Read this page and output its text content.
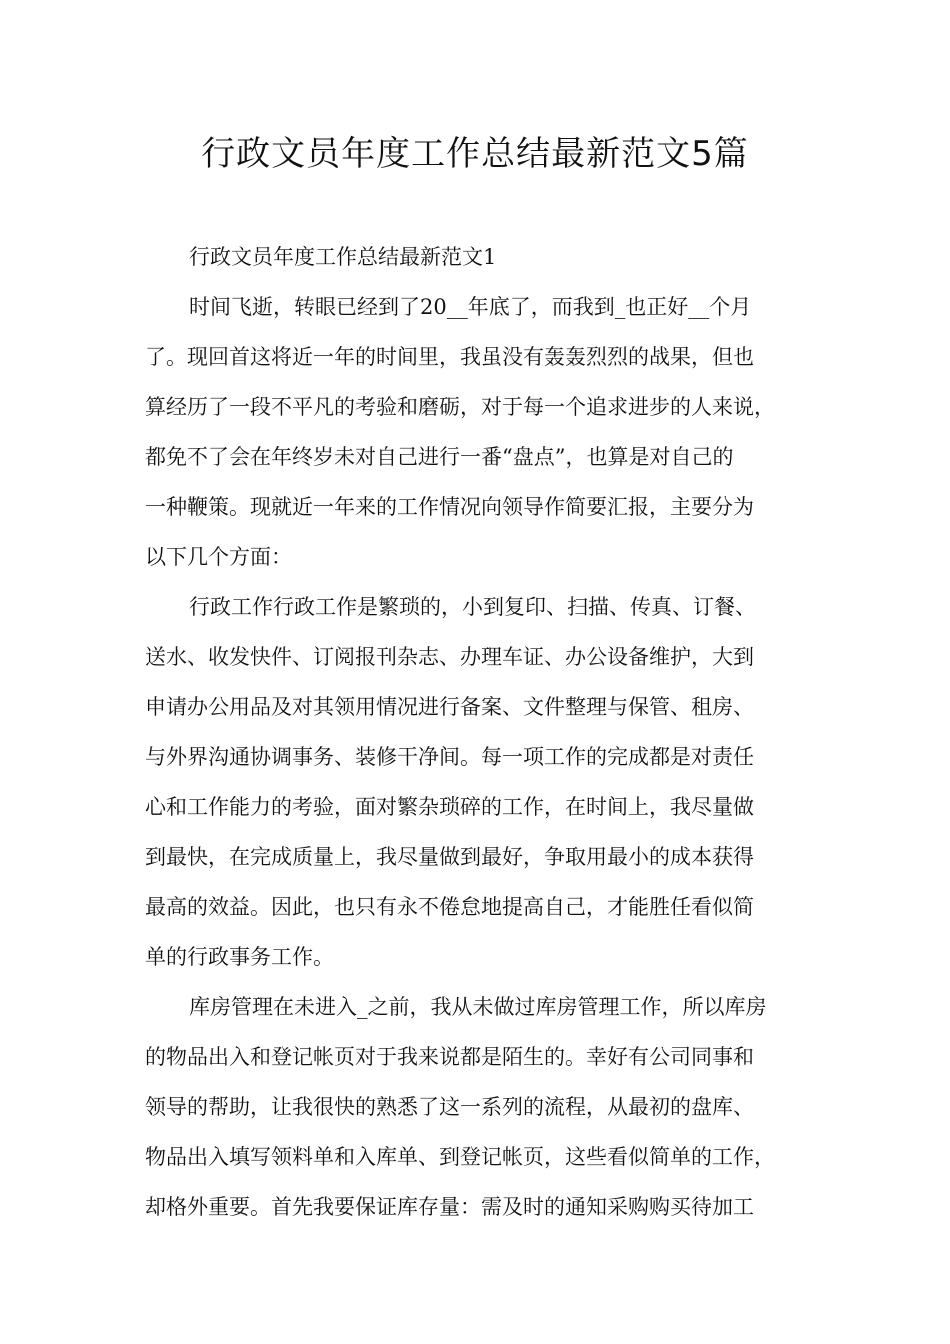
行政文员年度工作总结最新范文5篇
行政文员年度工作总结最新范文1
时间飞逝，转眼已经到了20__年底了，而我到_也正好__个月
了。现回首这将近一年的时间里，我虽没有轰轰烈烈的战果，但也
算经历了一段不平凡的考验和磨砺，对于每一个追求进步的人来说，
都免不了会在年终岁未对自己进行一番“盘点”，也算是对自己的
一种鞭策。现就近一年来的工作情况向领导作简要汇报，主要分为
以下几个方面：
行政工作行政工作是繁琐的，小到复印、扫描、传真、订餐、
送水、收发快件、订阅报刊杂志、办理车证、办公设备维护，大到
申请办公用品及对其领用情况进行备案、文件整理与保管、租房、
与外界沟通协调事务、装修干净间。每一项工作的完成都是对责任
心和工作能力的考验，面对繁杂琐碎的工作，在时间上，我尽量做
到最快，在完成质量上，我尽量做到最好，争取用最小的成本获得
最高的效益。因此，也只有永不倦怠地提高自己，才能胜任看似简
单的行政事务工作。
库房管理在未进入_之前，我从未做过库房管理工作，所以库房
的物品出入和登记帐页对于我来说都是陌生的。幸好有公司同事和
领导的帮助，让我很快的熟悉了这一系列的流程，从最初的盘库、
物品出入填写领料单和入库单、到登记帐页，这些看似简单的工作，
却格外重要。首先我要保证库存量：需及时的通知采购购买待加工
